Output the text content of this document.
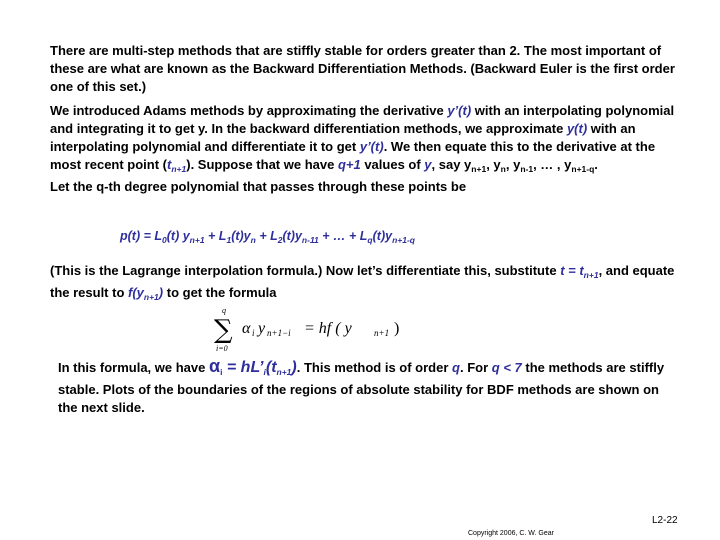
There are multi-step methods that are stiffly stable for orders greater than 2. The most important of these are what are known as the Backward Differentiation Methods. (Backward Euler is the first order one of this set.)

We introduced Adams methods by approximating the derivative y’(t) with an interpolating polynomial and integrating it to get y. In the backward differentiation methods, we approximate y(t) with an interpolating polynomial and differentiate it to get y’(t). We then equate this to the derivative at the most recent point $(t_{n+1})$. Suppose that we have q+1 values of y, say $y_{n+1}$, $y_n$, $y_{n-1}$, … , $y_{n+1-q}$.
Let the q-th degree polynomial that passes through these points be

$p(t) = L_0(t) y_{n+1} + L_1(t)y_n + L_2(t)y_{n-11}$ + … + $L_q(t)y_{n+1-q}$

(This is the Lagrange interpolation formula.) Now let’s differentiate this, substitute $t = t_{n+1}$, and equate the result to $f(y_{n+1})$ to get the formula

q
∑
i=0
α i y n+1−i = hf ( y n+1 )

In this formula, we have $\alpha_i$ = $hL’_i(t_{n+1})$. This method is of order q. For q < 7 the methods are stiffly stable. Plots of the boundaries of the regions of absolute stability for BDF methods are shown on the next slide.

L2-22
Copyright 2006, C. W. Gear
